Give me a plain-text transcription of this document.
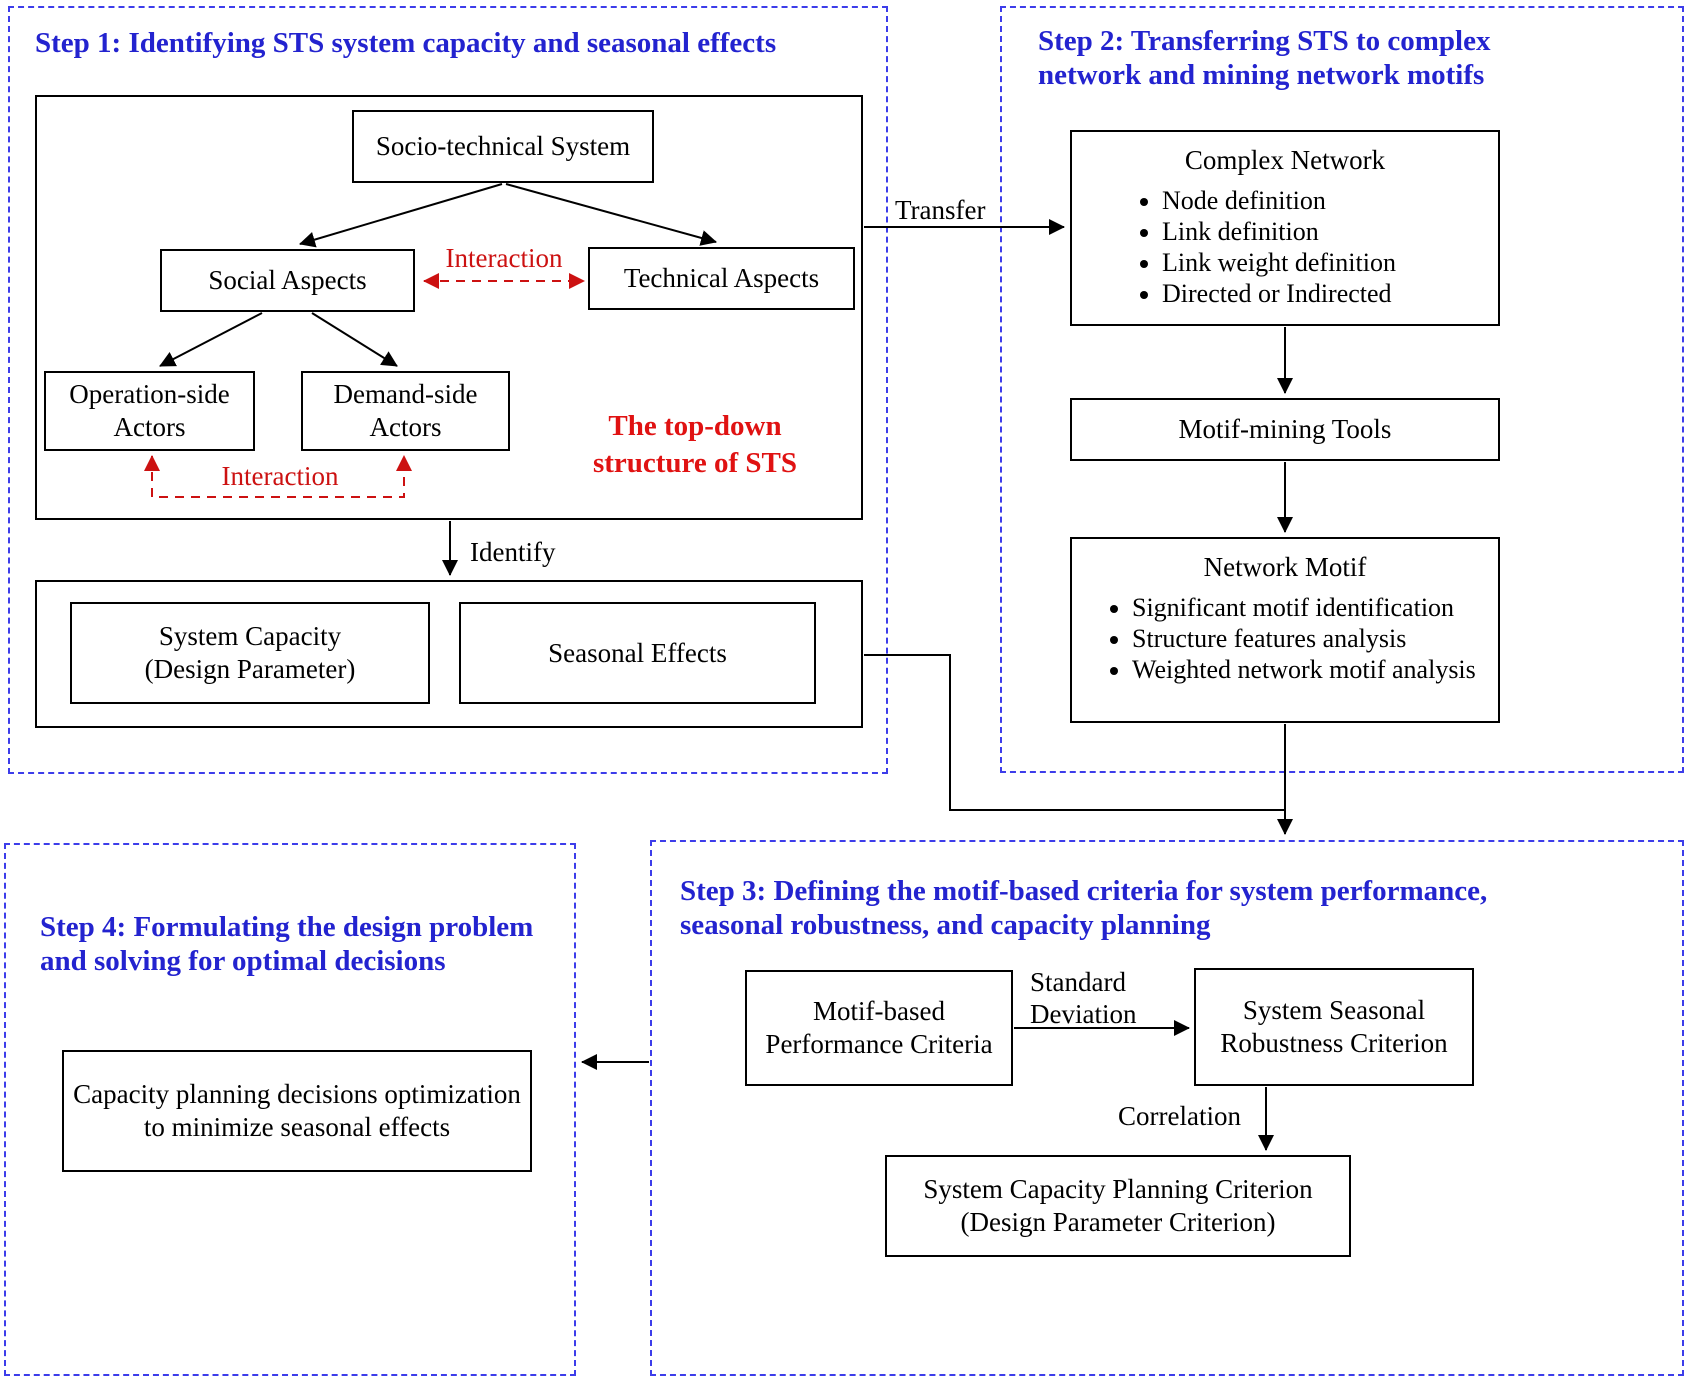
Step 1: Identifying STS system capacity and seasonal effects
Socio-technical System
Social Aspects	Technical Aspects
Interaction
Operation-side
Actors
Demand-side
Actors
Interaction
The top-down
structure of STS
Identify
System Capacity
(Design Parameter)
Seasonal Effects
Step 2: Transferring STS to complex
network and mining network motifs
Transfer
Complex Network
• Node definition
• Link definition
• Link weight definition
• Directed or Indirected
Motif-mining Tools
Network Motif
• Significant motif identification
• Structure features analysis
• Weighted network motif analysis
Step 3: Defining the motif-based criteria for system performance,
seasonal robustness, and capacity planning
Motif-based
Performance Criteria
Standard
Deviation	System Seasonal
Robustness Criterion
Correlation
System Capacity Planning Criterion
(Design Parameter Criterion)
Step 4: Formulating the design problem
and solving for optimal decisions
Capacity planning decisions optimization
to minimize seasonal effects
